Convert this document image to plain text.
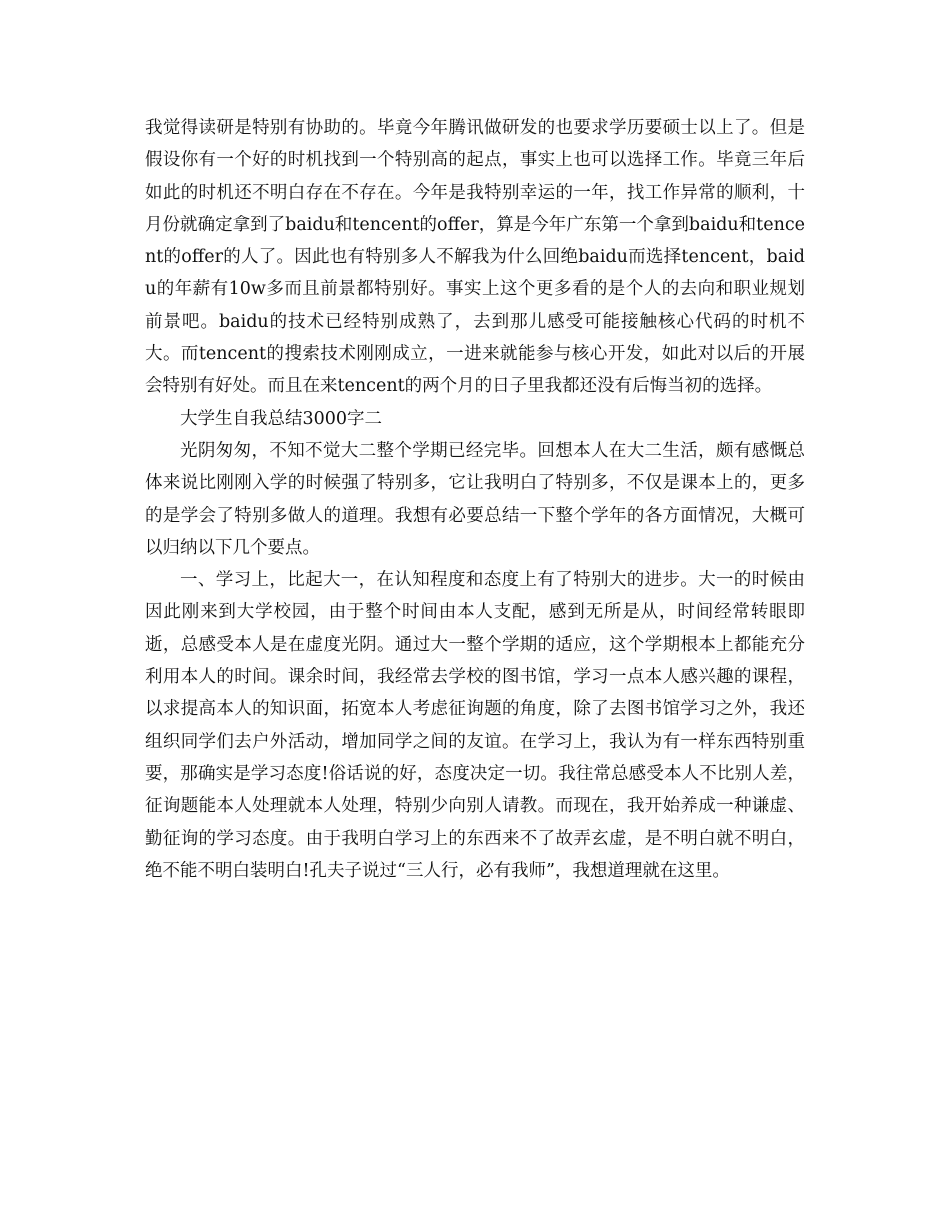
我觉得读研是特别有协助的。毕竟今年腾讯做研发的也要求学历要硕士以上了。但是假设你有一个好的时机找到一个特别高的起点，事实上也可以选择工作。毕竟三年后如此的时机还不明白存在不存在。今年是我特别幸运的一年，找工作异常的顺利，十月份就确定拿到了baidu和tencent的offer，算是今年广东第一个拿到baidu和tencent的offer的人了。因此也有特别多人不解我为什么回绝baidu而选择tencent，baidu的年薪有10w多而且前景都特别好。事实上这个更多看的是个人的去向和职业规划前景吧。baidu的技术已经特别成熟了，去到那儿感受可能接触核心代码的时机不大。而tencent的搜索技术刚刚成立，一进来就能参与核心开发，如此对以后的开展会特别有好处。而且在来tencent的两个月的日子里我都还没有后悔当初的选择。

大学生自我总结3000字二

光阴匆匆，不知不觉大二整个学期已经完毕。回想本人在大二生活，颇有感慨总体来说比刚刚入学的时候强了特别多，它让我明白了特别多，不仅是课本上的，更多的是学会了特别多做人的道理。我想有必要总结一下整个学年的各方面情况，大概可以归纳以下几个要点。

一、学习上，比起大一，在认知程度和态度上有了特别大的进步。大一的时候由因此刚来到大学校园，由于整个时间由本人支配，感到无所是从，时间经常转眼即逝，总感受本人是在虚度光阴。通过大一整个学期的适应，这个学期根本上都能充分利用本人的时间。课余时间，我经常去学校的图书馆，学习一点本人感兴趣的课程，以求提高本人的知识面，拓宽本人考虑征询题的角度，除了去图书馆学习之外，我还组织同学们去户外活动，增加同学之间的友谊。在学习上，我认为有一样东西特别重要，那确实是学习态度!俗话说的好，态度决定一切。我往常总感受本人不比别人差，征询题能本人处理就本人处理，特别少向别人请教。而现在，我开始养成一种谦虚、勤征询的学习态度。由于我明白学习上的东西来不了故弄玄虚，是不明白就不明白，绝不能不明白装明白!孔夫子说过“三人行，必有我师”，我想道理就在这里。
